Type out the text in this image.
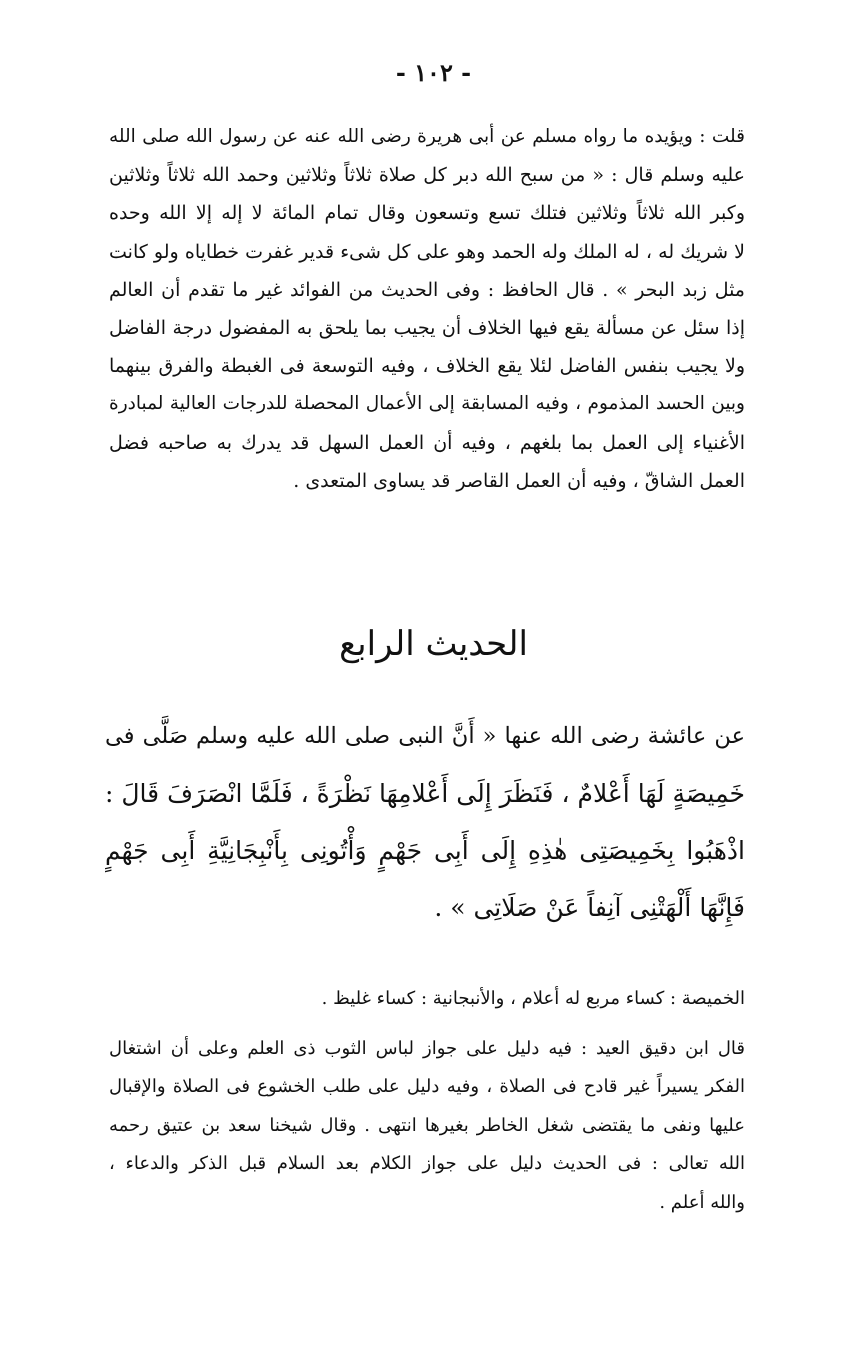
- ١٠٢ -
قلت : ويؤيده ما رواه مسلم عن أبى هريرة رضى الله عنه عن رسول الله صلى الله
عليه وسلم قال : « من سبح الله دبر كل صلاة ثلاثاً وثلاثين وحمد الله ثلاثاً وثلاثين
وكبر الله ثلاثاً وثلاثين فتلك تسع وتسعون وقال تمام المائة لا إله إلا الله وحده
لا شريك له ، له الملك وله الحمد وهو على كل شىء قدير غفرت خطاياه ولو كانت
مثل زبد البحر » . قال الحافظ : وفى الحديث من الفوائد غير ما تقدم أن العالم
إذا سئل عن مسألة يقع فيها الخلاف أن يجيب بما يلحق به المفضول درجة الفاضل
ولا يجيب بنفس الفاضل لئلا يقع الخلاف ، وفيه التوسعة فى الغبطة والفرق بينهما
وبين الحسد المذموم ، وفيه المسابقة إلى الأعمال المحصلة للدرجات العالية لمبادرة
الأغنياء إلى العمل بما بلغهم ، وفيه أن العمل السهل قد يدرك به صاحبه فضل
العمل الشاقّ ، وفيه أن العمل القاصر قد يساوى المتعدى .
الحديث الرابع
عن عائشة رضى الله عنها « أَنَّ النبى صلى الله عليه وسلم صَلَّى فى
خَمِيصَةٍ لَهَا أَعْلامٌ ، فَنَظَرَ إِلَى أَعْلامِهَا نَظْرَةً ، فَلَمَّا انْصَرَفَ قَالَ :
اذْهَبُوا بِخَمِيصَتِى هٰذِهِ إِلَى أَبِى جَهْمٍ وَأْتُونِى بِأَنْبِجَانِيَّةِ أَبِى جَهْمٍ
فَإِنَّهَا أَلْهَتْنِى آنِفاً عَنْ صَلَاتِى » .
الخميصة : كساء مربع له أعلام ، والأنبجانية : كساء غليظ .
قال ابن دقيق العيد : فيه دليل على جواز لباس الثوب ذى العلم وعلى أن اشتغال
الفكر يسيراً غير قادح فى الصلاة ، وفيه دليل على طلب الخشوع فى الصلاة والإقبال
عليها ونفى ما يقتضى شغل الخاطر بغيرها انتهى . وقال شيخنا سعد بن عتيق رحمه
الله تعالى : فى الحديث دليل على جواز الكلام بعد السلام قبل الذكر والدعاء ،
والله أعلم .
